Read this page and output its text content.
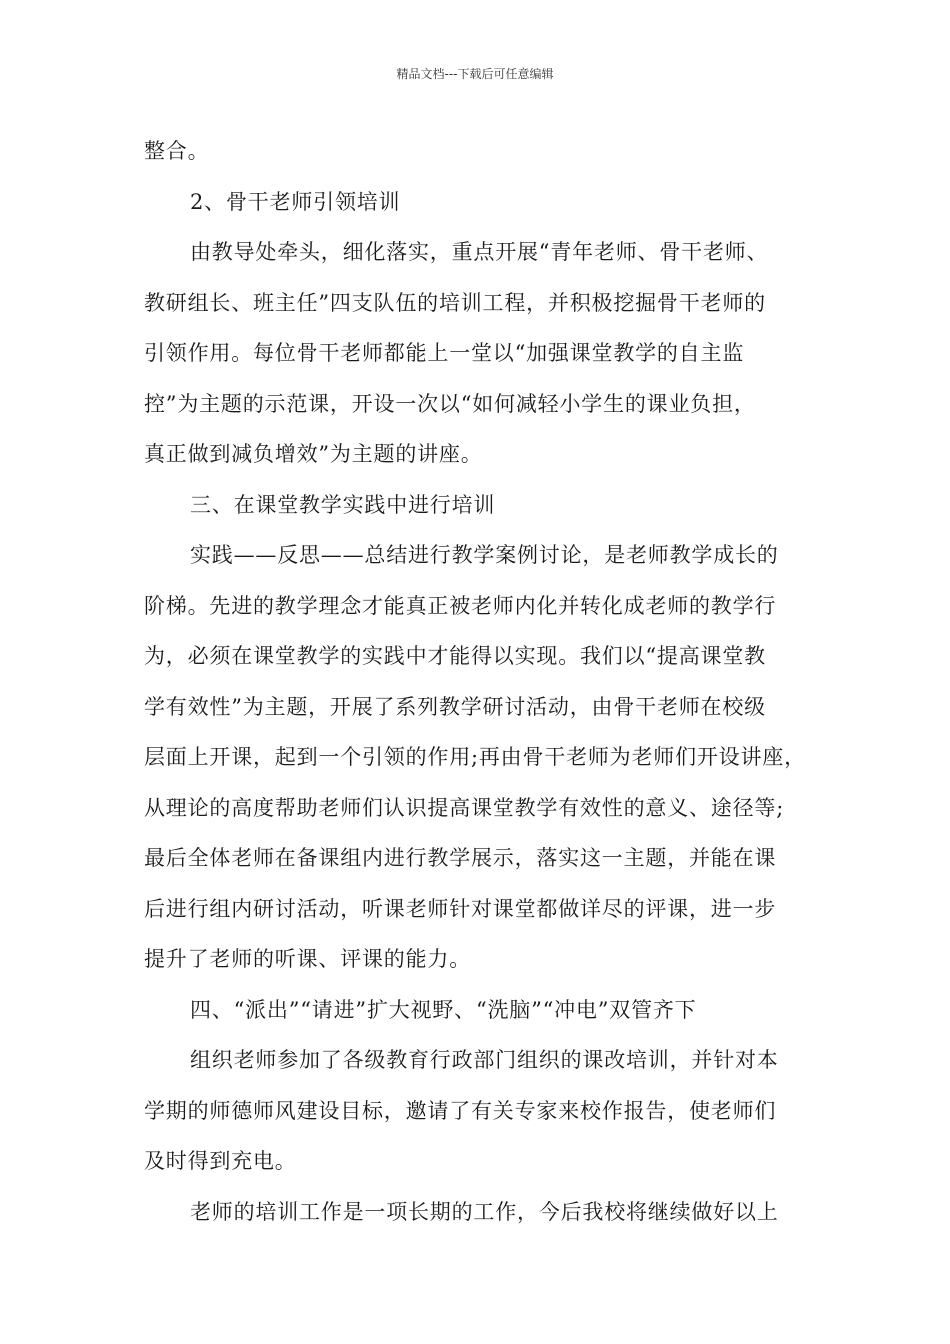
精品文档---下载后可任意编辑
整合。
2、骨干老师引领培训
由教导处牵头，细化落实，重点开展“青年老师、骨干老师、
教研组长、班主任”四支队伍的培训工程，并积极挖掘骨干老师的
引领作用。每位骨干老师都能上一堂以“加强课堂教学的自主监
控”为主题的示范课，开设一次以“如何减轻小学生的课业负担，
真正做到减负增效”为主题的讲座。
三、在课堂教学实践中进行培训
实践——反思——总结进行教学案例讨论，是老师教学成长的
阶梯。先进的教学理念才能真正被老师内化并转化成老师的教学行
为，必须在课堂教学的实践中才能得以实现。我们以“提高课堂教
学有效性”为主题，开展了系列教学研讨活动，由骨干老师在校级
层面上开课，起到一个引领的作用;再由骨干老师为老师们开设讲座，
从理论的高度帮助老师们认识提高课堂教学有效性的意义、途径等;
最后全体老师在备课组内进行教学展示，落实这一主题，并能在课
后进行组内研讨活动，听课老师针对课堂都做详尽的评课，进一步
提升了老师的听课、评课的能力。
四、“派出”“请进”扩大视野、“洗脑”“冲电”双管齐下
组织老师参加了各级教育行政部门组织的课改培训，并针对本
学期的师德师风建设目标，邀请了有关专家来校作报告，使老师们
及时得到充电。
老师的培训工作是一项长期的工作，今后我校将继续做好以上
